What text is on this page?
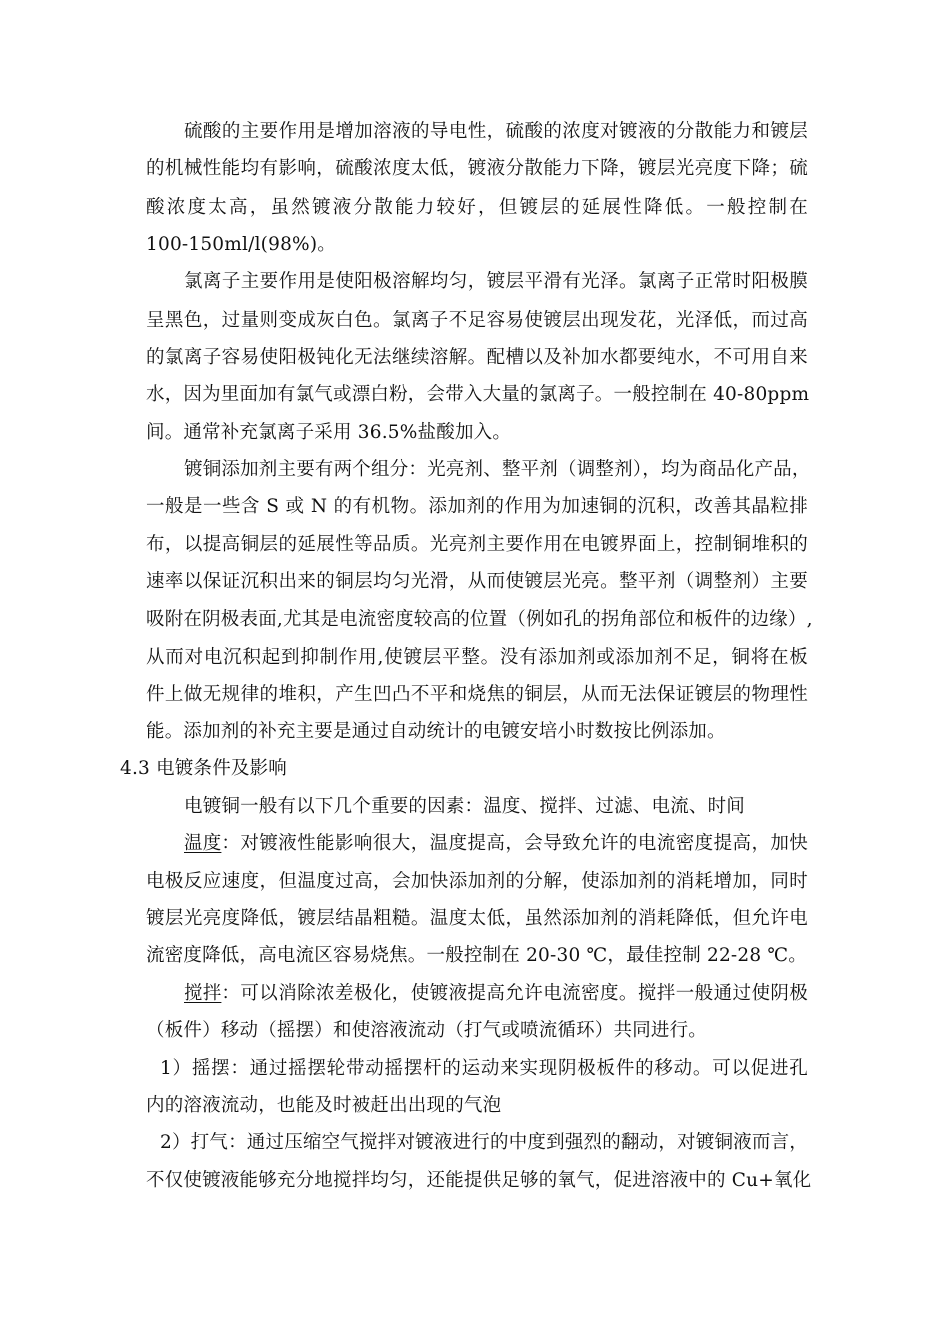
硫酸的主要作用是增加溶液的导电性，硫酸的浓度对镀液的分散能力和镀层
的机械性能均有影响，硫酸浓度太低，镀液分散能力下降，镀层光亮度下降；硫
酸浓度太高，虽然镀液分散能力较好，但镀层的延展性降低。一般控制在
100-150ml/l(98%)。
氯离子主要作用是使阳极溶解均匀，镀层平滑有光泽。氯离子正常时阳极膜
呈黑色，过量则变成灰白色。氯离子不足容易使镀层出现发花，光泽低，而过高
的氯离子容易使阳极钝化无法继续溶解。配槽以及补加水都要纯水，不可用自来
水，因为里面加有氯气或漂白粉，会带入大量的氯离子。一般控制在 40-80ppm
间。通常补充氯离子采用 36.5%盐酸加入。
镀铜添加剂主要有两个组分：光亮剂、整平剂（调整剂），均为商品化产品，
一般是一些含 S 或 N 的有机物。添加剂的作用为加速铜的沉积，改善其晶粒排
布，以提高铜层的延展性等品质。光亮剂主要作用在电镀界面上，控制铜堆积的
速率以保证沉积出来的铜层均匀光滑，从而使镀层光亮。整平剂（调整剂）主要
吸附在阴极表面,尤其是电流密度较高的位置（例如孔的拐角部位和板件的边缘）,
从而对电沉积起到抑制作用,使镀层平整。没有添加剂或添加剂不足，铜将在板
件上做无规律的堆积，产生凹凸不平和烧焦的铜层，从而无法保证镀层的物理性
能。添加剂的补充主要是通过自动统计的电镀安培小时数按比例添加。
4.3 电镀条件及影响
电镀铜一般有以下几个重要的因素：温度、搅拌、过滤、电流、时间
温度 ：对镀液性能影响很大，温度提高，会导致允许的电流密度提高，加快
电极反应速度，但温度过高，会加快添加剂的分解，使添加剂的消耗增加，同时
镀层光亮度降低，镀层结晶粗糙。温度太低，虽然添加剂的消耗降低，但允许电
流密度降低，高电流区容易烧焦。一般控制在 20-30 ℃，最佳控制 22-28 ℃。
搅拌 ：可以消除浓差极化，使镀液提高允许电流密度。搅拌一般通过使阴极
（板件）移动（摇摆）和使溶液流动（打气或喷流循环）共同进行。
1）摇摆：通过摇摆轮带动摇摆杆的运动来实现阴极板件的移动。可以促进孔
内的溶液流动，也能及时被赶出出现的气泡
2）打气：通过压缩空气搅拌对镀液进行的中度到强烈的翻动，对镀铜液而言，
不仅使镀液能够充分地搅拌均匀，还能提供足够的氧气，促进溶液中的 Cu+氧化
